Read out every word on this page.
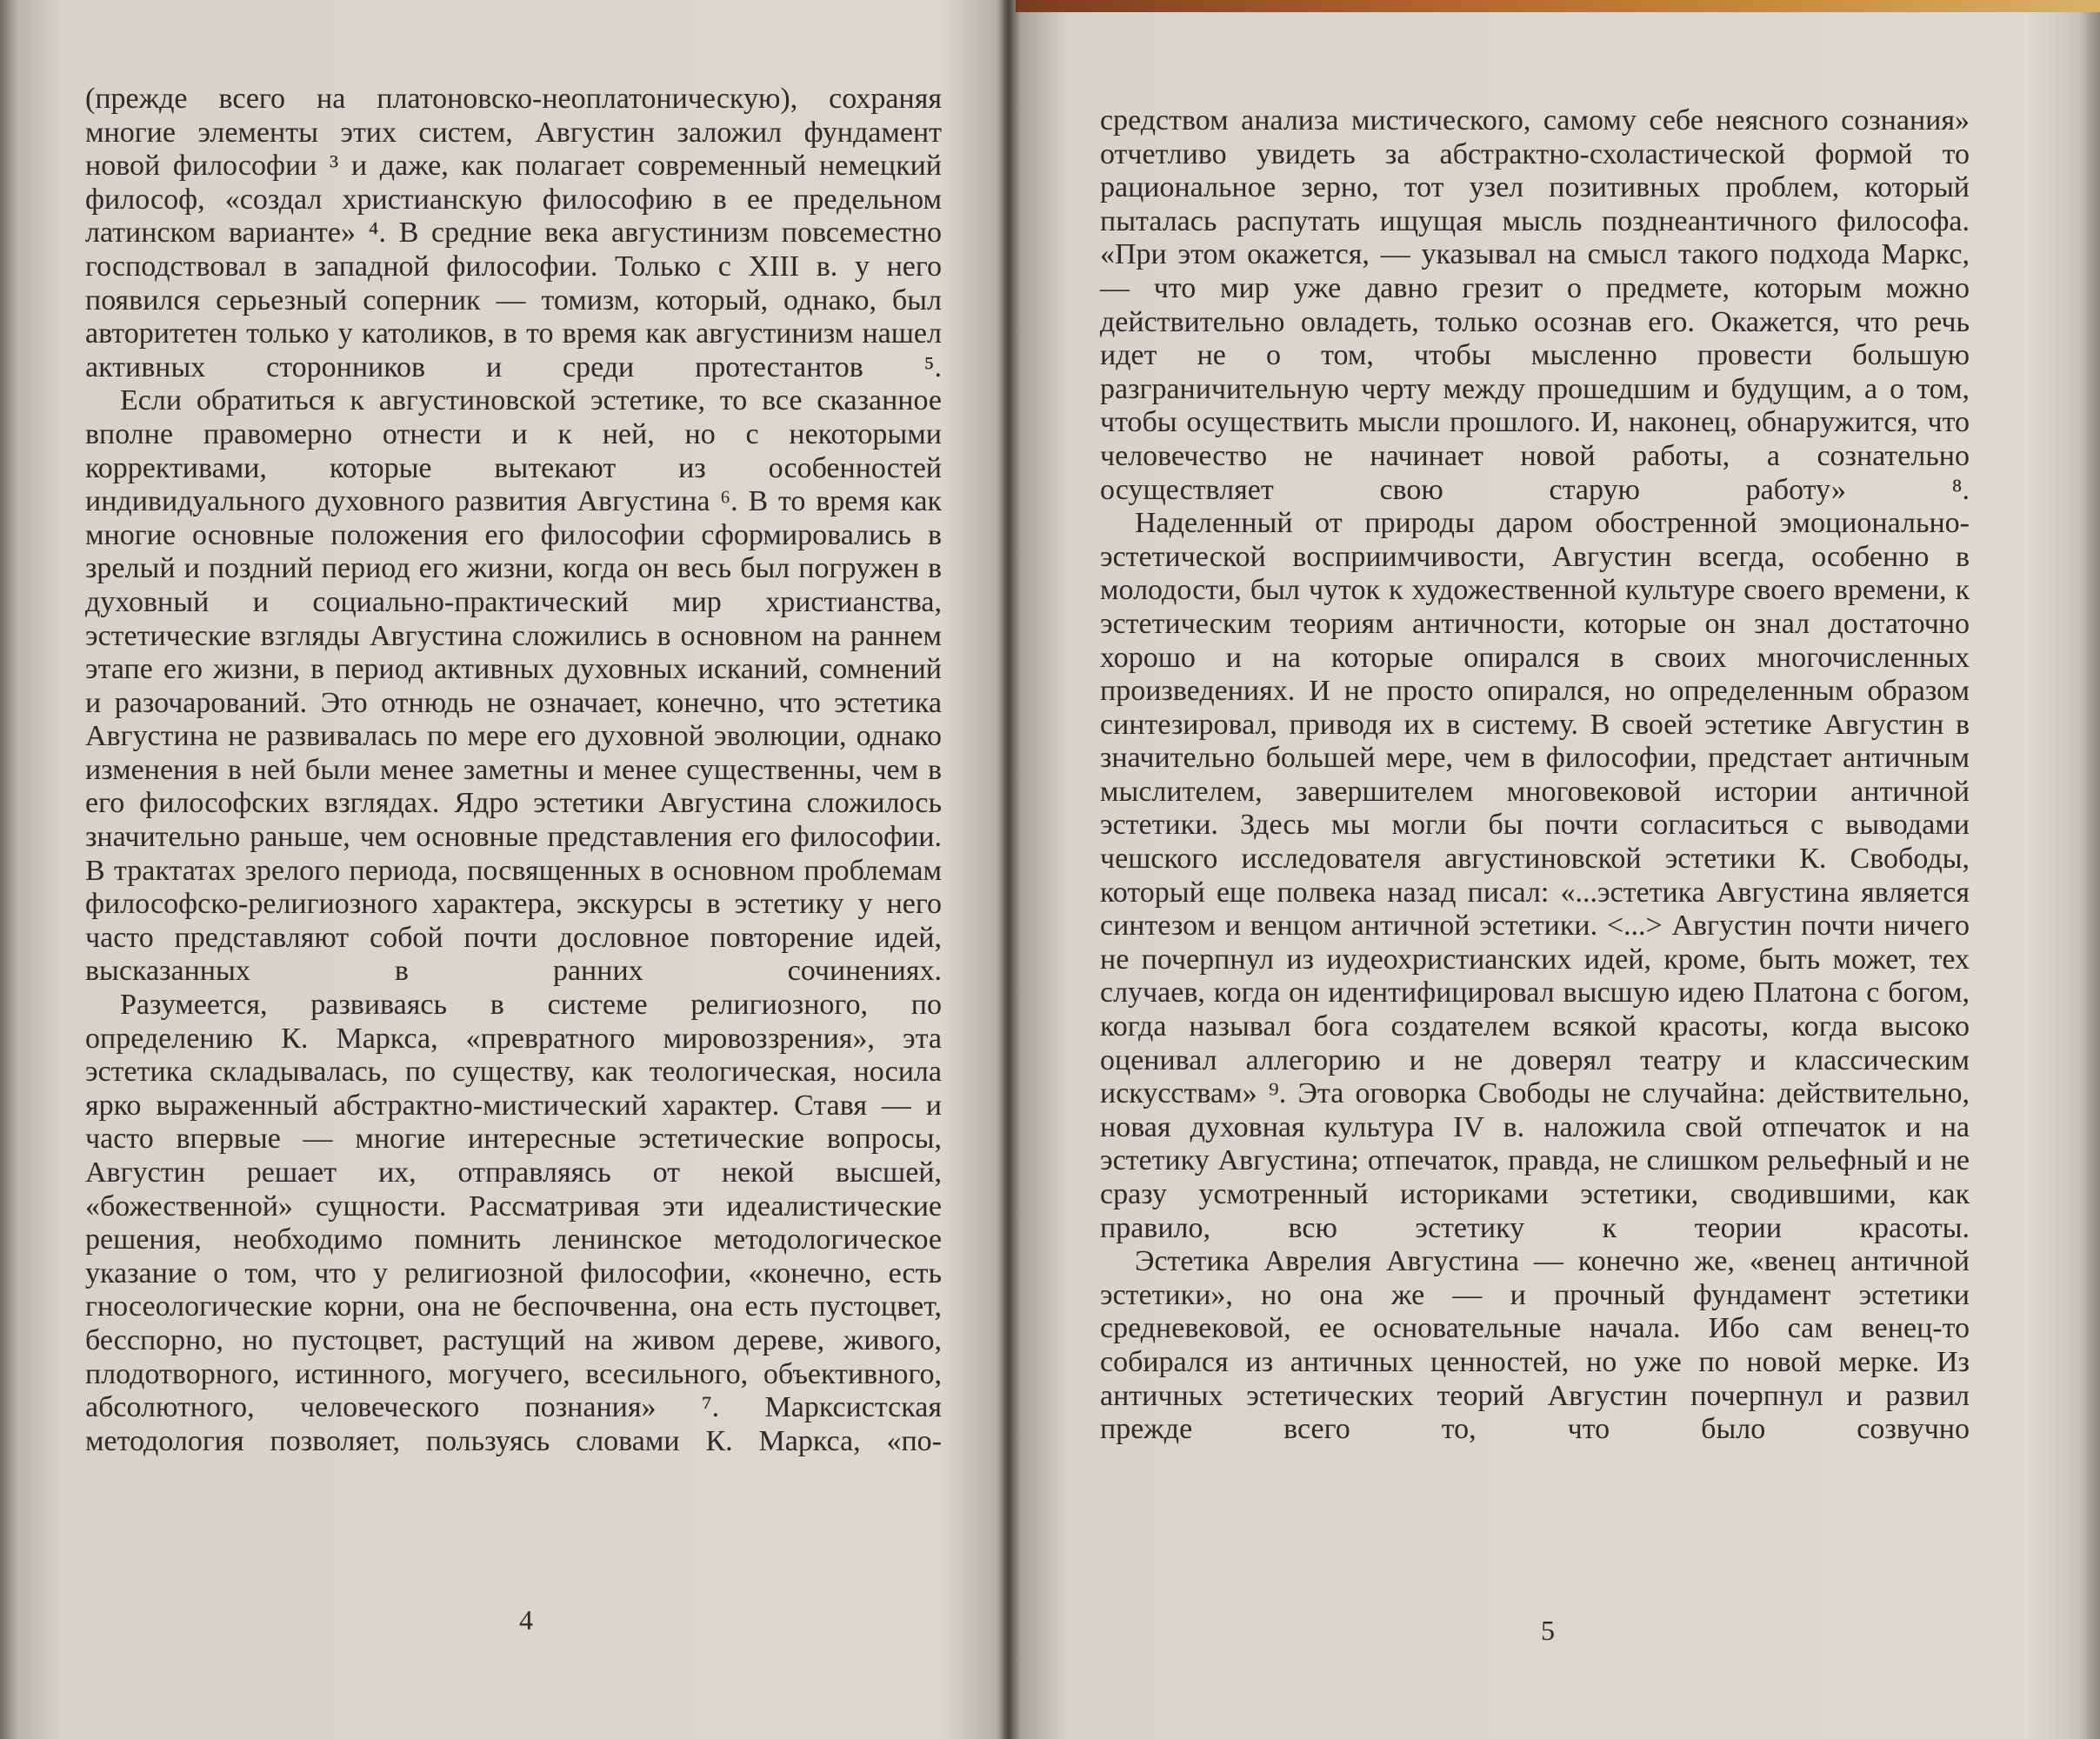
(прежде всего на платоновско-неоплатоническую), сохраняя многие элементы этих систем, Августин заложил фундамент новой философии ³ и даже, как полагает современный немецкий философ, «создал христианскую философию в ее предельном латинском варианте» ⁴. В средние века августинизм повсеместно господствовал в западной философии. Только с XIII в. у него появился серьезный соперник — томизм, который, однако, был авторитетен только у католиков, в то время как августинизм нашел активных сторонников и среди протестантов ⁵.

Если обратиться к августиновской эстетике, то все сказанное вполне правомерно отнести и к ней, но с некоторыми коррективами, которые вытекают из особенностей индивидуального духовного развития Августина ⁶. В то время как многие основные положения его философии сформировались в зрелый и поздний период его жизни, когда он весь был погружен в духовный и социально-практический мир христианства, эстетические взгляды Августина сложились в основном на раннем этапе его жизни, в период активных духовных исканий, сомнений и разочарований. Это отнюдь не означает, конечно, что эстетика Августина не развивалась по мере его духовной эволюции, однако изменения в ней были менее заметны и менее существенны, чем в его философских взглядах. Ядро эстетики Августина сложилось значительно раньше, чем основные представления его философии. В трактатах зрелого периода, посвященных в основном проблемам философско-религиозного характера, экскурсы в эстетику у него часто представляют собой почти дословное повторение идей, высказанных в ранних сочинениях.

Разумеется, развиваясь в системе религиозного, по определению К. Маркса, «превратного мировоззрения», эта эстетика складывалась, по существу, как теологическая, носила ярко выраженный абстрактно-мистический характер. Ставя — и часто впервые — многие интересные эстетические вопросы, Августин решает их, отправляясь от некой высшей, «божественной» сущности. Рассматривая эти идеалистические решения, необходимо помнить ленинское методологическое указание о том, что у религиозной философии, «конечно, есть гносеологические корни, она не беспочвенна, она есть пустоцвет, бесспорно, но пустоцвет, растущий на живом дереве, живого, плодотворного, истинного, могучего, всесильного, объективного, абсолютного, человеческого познания» ⁷. Марксистская методология позволяет, пользуясь словами К. Маркса, «по-

4

средством анализа мистического, самому себе неясного сознания» отчетливо увидеть за абстрактно-схоластической формой то рациональное зерно, тот узел позитивных проблем, который пыталась распутать ищущая мысль позднеантичного философа. «При этом окажется, — указывал на смысл такого подхода Маркс, — что мир уже давно грезит о предмете, которым можно действительно овладеть, только осознав его. Окажется, что речь идет не о том, чтобы мысленно провести большую разграничительную черту между прошедшим и будущим, а о том, чтобы осуществить мысли прошлого. И, наконец, обнаружится, что человечество не начинает новой работы, а сознательно осуществляет свою старую работу» ⁸.

Наделенный от природы даром обостренной эмоционально-эстетической восприимчивости, Августин всегда, особенно в молодости, был чуток к художественной культуре своего времени, к эстетическим теориям античности, которые он знал достаточно хорошо и на которые опирался в своих многочисленных произведениях. И не просто опирался, но определенным образом синтезировал, приводя их в систему. В своей эстетике Августин в значительно большей мере, чем в философии, предстает античным мыслителем, завершителем многовековой истории античной эстетики. Здесь мы могли бы почти согласиться с выводами чешского исследователя августиновской эстетики К. Свободы, который еще полвека назад писал: «...эстетика Августина является синтезом и венцом античной эстетики. <...> Августин почти ничего не почерпнул из иудеохристианских идей, кроме, быть может, тех случаев, когда он идентифицировал высшую идею Платона с богом, когда называл бога создателем всякой красоты, когда высоко оценивал аллегорию и не доверял театру и классическим искусствам» ⁹. Эта оговорка Свободы не случайна: действительно, новая духовная культура IV в. наложила свой отпечаток и на эстетику Августина; отпечаток, правда, не слишком рельефный и не сразу усмотренный историками эстетики, сводившими, как правило, всю эстетику к теории красоты.

Эстетика Аврелия Августина — конечно же, «венец античной эстетики», но она же — и прочный фундамент эстетики средневековой, ее основательные начала. Ибо сам венец-то собирался из античных ценностей, но уже по новой мерке. Из античных эстетических теорий Августин почерпнул и развил прежде всего то, что было созвучно

5
